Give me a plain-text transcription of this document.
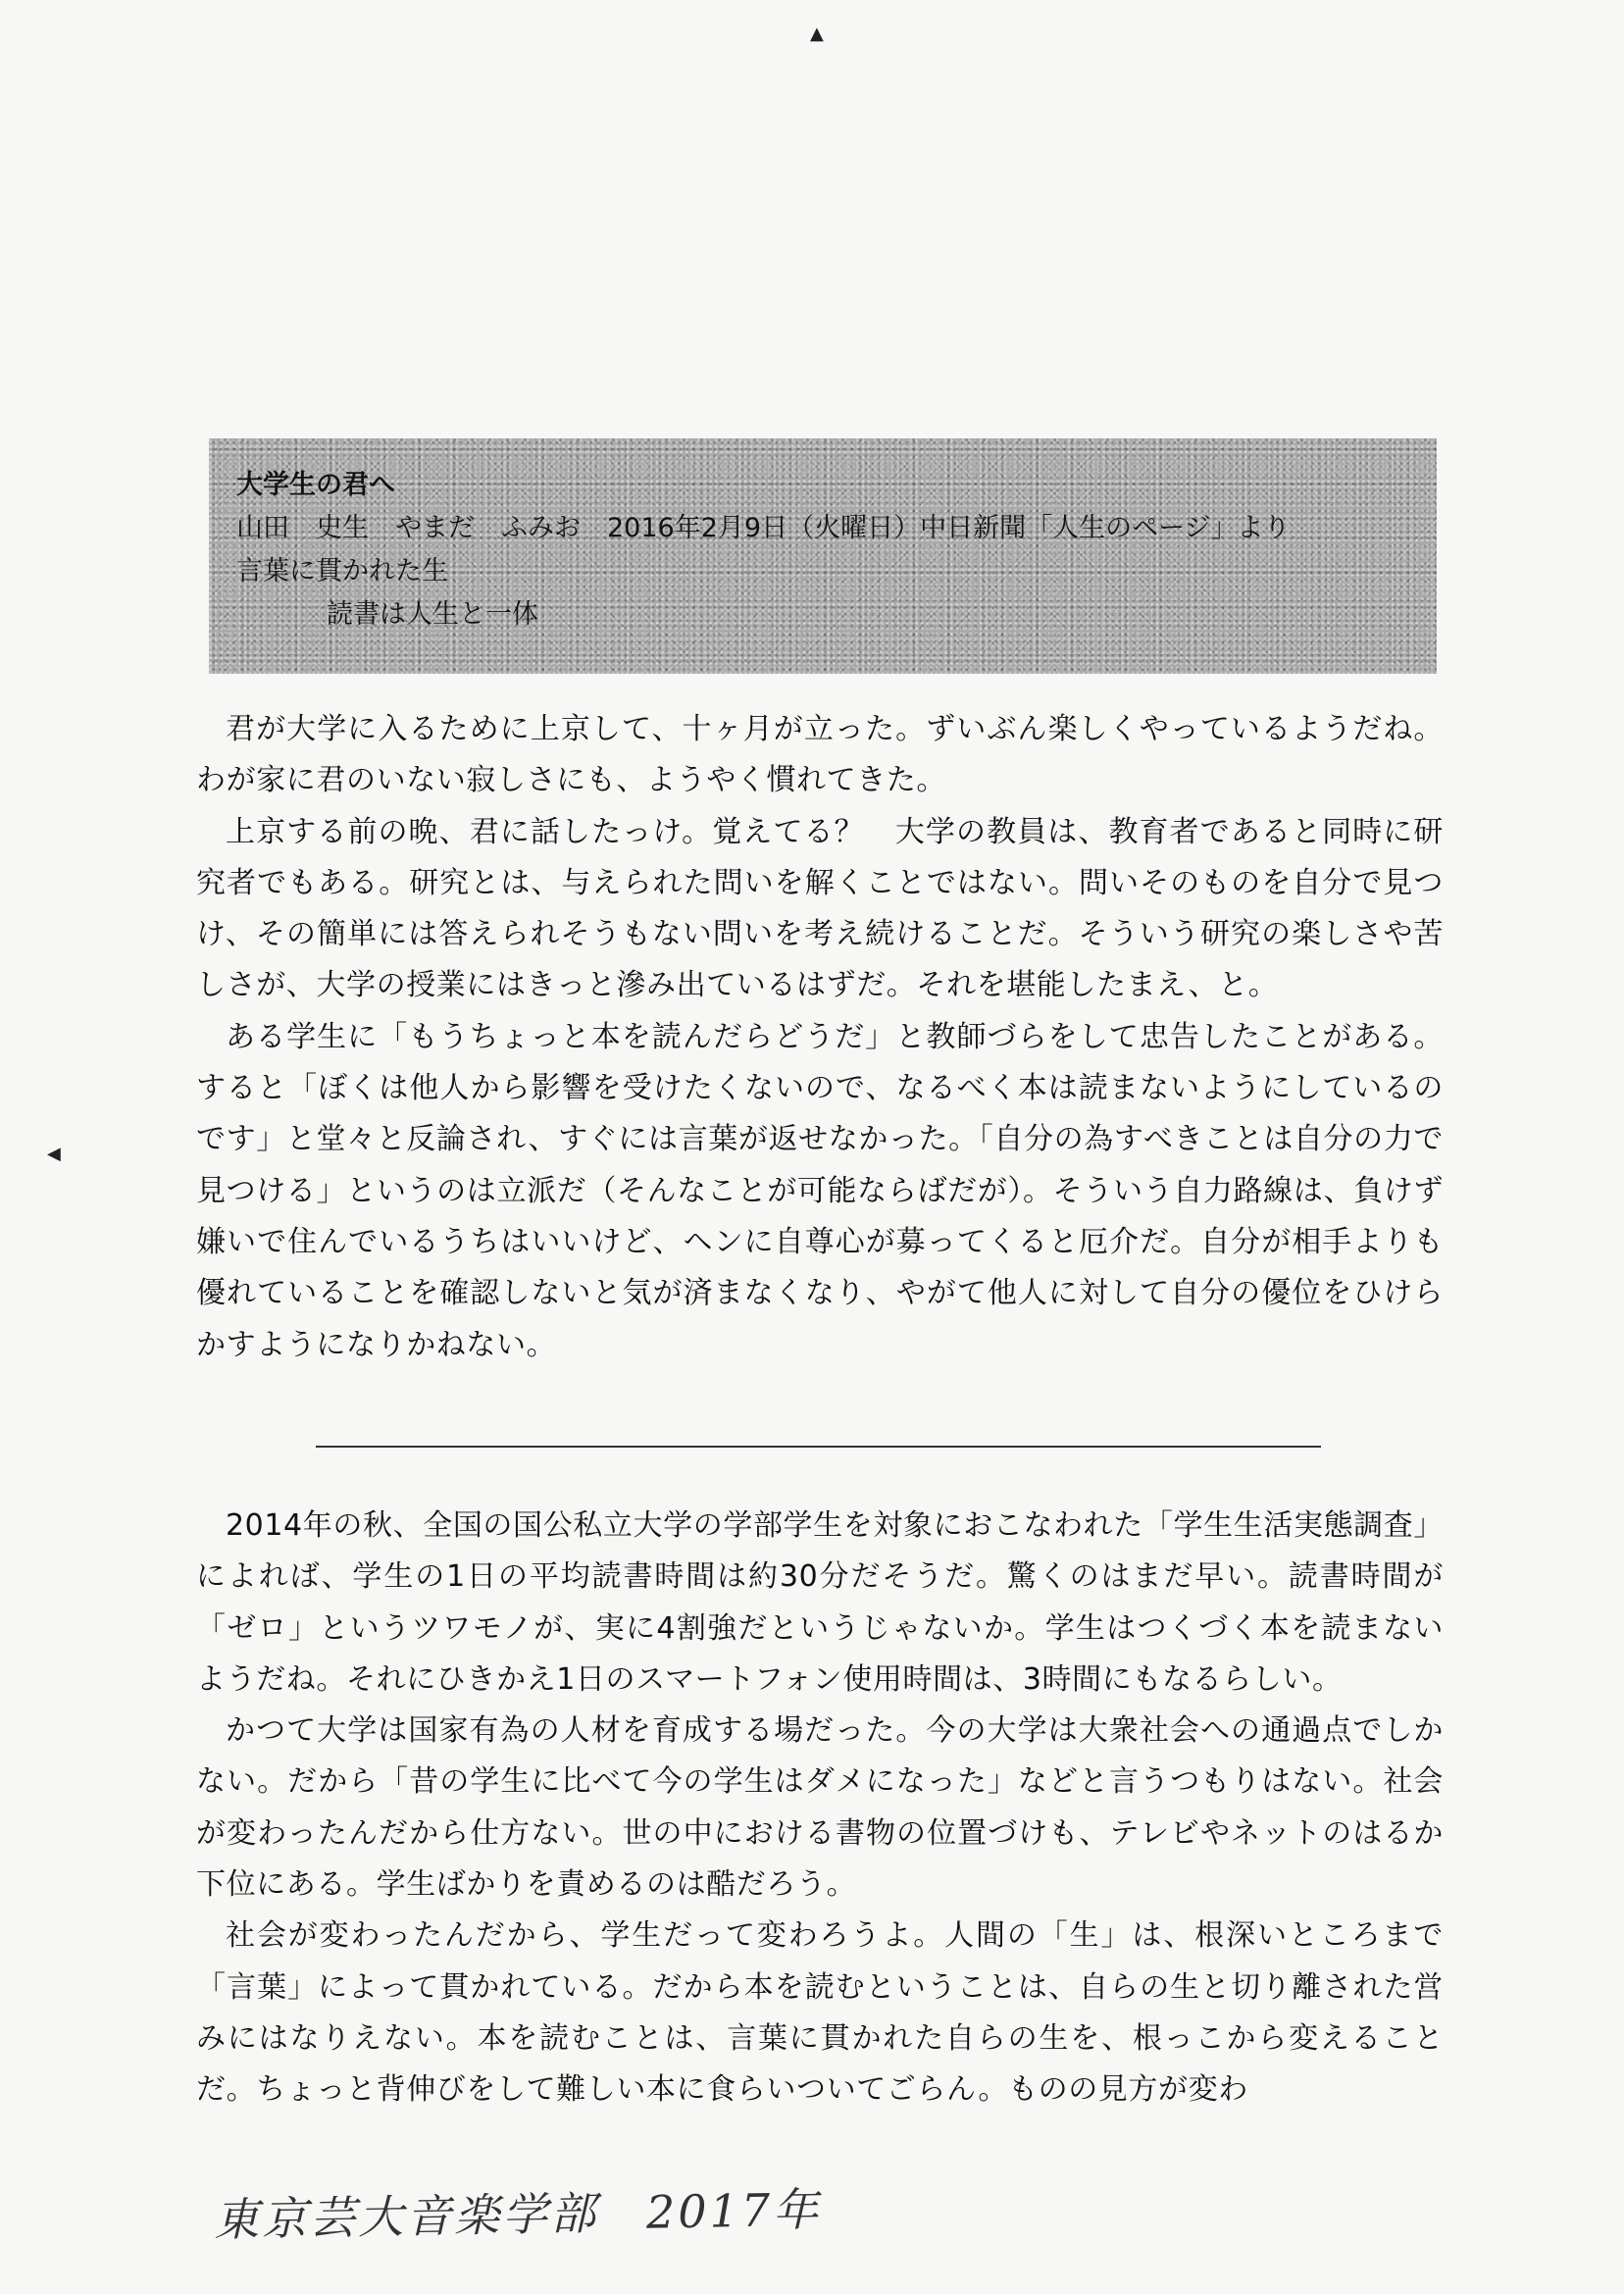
▲
◀
大学生の君へ
山田　史生　やまだ　ふみお　2016年2月9日（火曜日）中日新聞「人生のページ」より
言葉に貫かれた生
読書は人生と一体

君が大学に入るために上京して、十ヶ月が立った。ずいぶん楽しくやっているようだね。わが家に君のいない寂しさにも、ようやく慣れてきた。

上京する前の晩、君に話したっけ。覚えてる？　大学の教員は、教育者であると同時に研究者でもある。研究とは、与えられた問いを解くことではない。問いそのものを自分で見つけ、その簡単には答えられそうもない問いを考え続けることだ。そういう研究の楽しさや苦しさが、大学の授業にはきっと滲み出ているはずだ。それを堪能したまえ、と。

ある学生に「もうちょっと本を読んだらどうだ」と教師づらをして忠告したことがある。すると「ぼくは他人から影響を受けたくないので、なるべく本は読まないようにしているのです」と堂々と反論され、すぐには言葉が返せなかった。「自分の為すべきことは自分の力で見つける」というのは立派だ（そんなことが可能ならばだが）。そういう自力路線は、負けず嫌いで住んでいるうちはいいけど、ヘンに自尊心が募ってくると厄介だ。自分が相手よりも優れていることを確認しないと気が済まなくなり、やがて他人に対して自分の優位をひけらかすようになりかねない。

2014年の秋、全国の国公私立大学の学部学生を対象におこなわれた「学生生活実態調査」によれば、学生の1日の平均読書時間は約30分だそうだ。驚くのはまだ早い。読書時間が「ゼロ」というツワモノが、実に4割強だというじゃないか。学生はつくづく本を読まないようだね。それにひきかえ1日のスマートフォン使用時間は、3時間にもなるらしい。

かつて大学は国家有為の人材を育成する場だった。今の大学は大衆社会への通過点でしかない。だから「昔の学生に比べて今の学生はダメになった」などと言うつもりはない。社会が変わったんだから仕方ない。世の中における書物の位置づけも、テレビやネットのはるか下位にある。学生ばかりを責めるのは酷だろう。

社会が変わったんだから、学生だって変わろうよ。人間の「生」は、根深いところまで「言葉」によって貫かれている。だから本を読むということは、自らの生と切り離された営みにはなりえない。本を読むことは、言葉に貫かれた自らの生を、根っこから変えることだ。ちょっと背伸びをして難しい本に食らいついてごらん。ものの見方が変わ

東京芸大音楽学部　2017年
